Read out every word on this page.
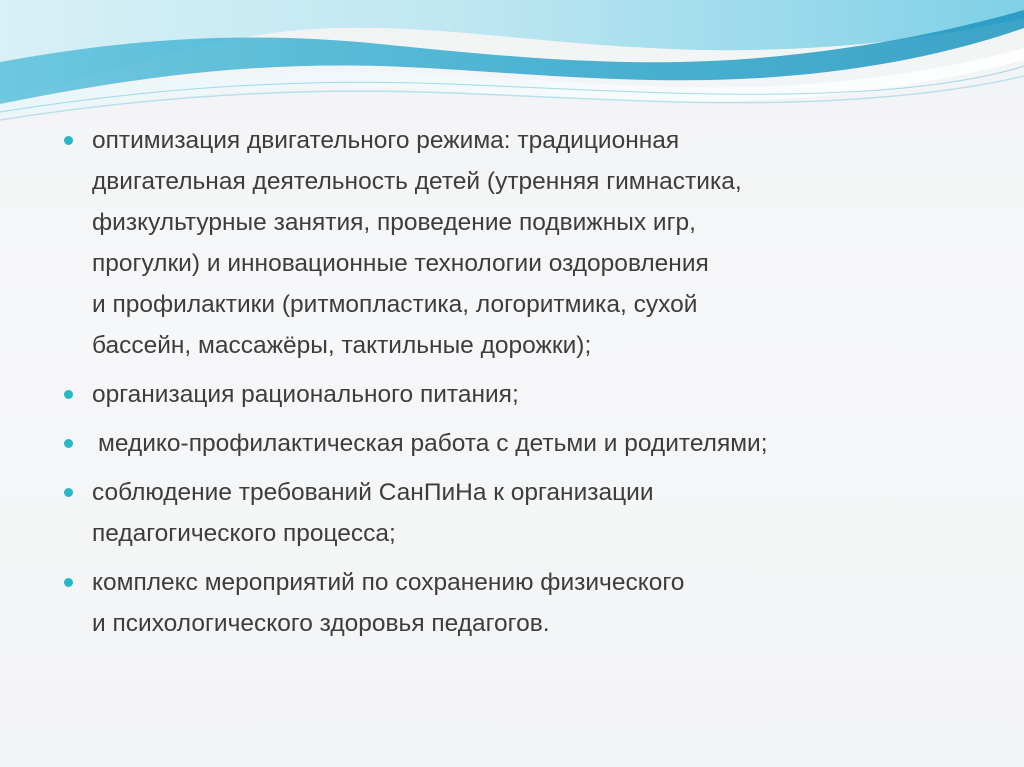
оптимизация двигательного режима: традиционная
двигательная деятельность детей (утренняя гимнастика,
физкультурные занятия, проведение подвижных игр,
прогулки) и инновационные технологии оздоровления
и профилактики (ритмопластика, логоритмика, сухой
бассейн, массажёры, тактильные дорожки);
организация рационального питания;
медико-профилактическая работа с детьми и родителями;
соблюдение требований СанПиНа к организации
педагогического процесса;
комплекс мероприятий по сохранению физического
и психологического здоровья педагогов.
